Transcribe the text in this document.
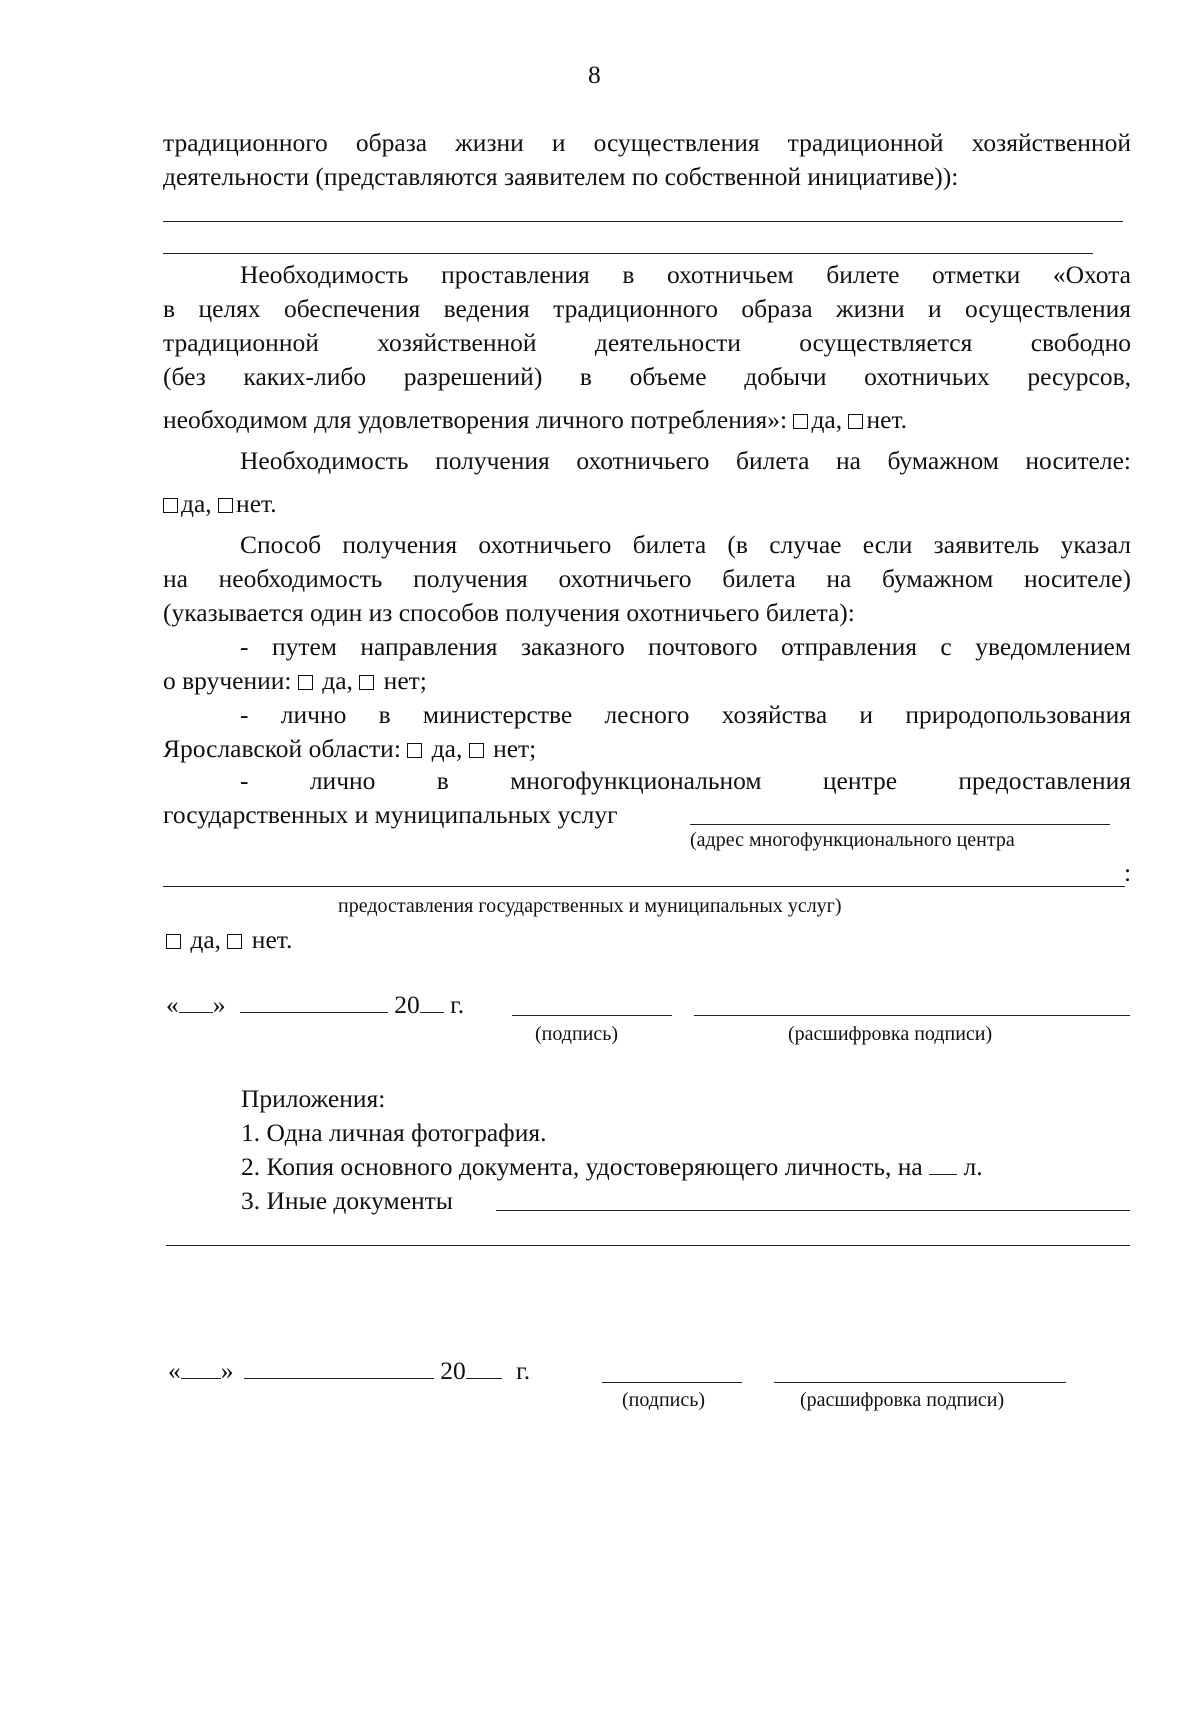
8
традиционного образа жизни и осуществления традиционной хозяйственной
деятельности (представляются заявителем по собственной инициативе)):
Необходимость проставления в охотничьем билете отметки «Охота
в целях обеспечения ведения традиционного образа жизни и осуществления
традиционной хозяйственной деятельности осуществляется свободно
(без каких-либо разрешений) в объеме добычи охотничьих ресурсов,
необходимом для удовлетворения личного потребления»: да, нет.
Необходимость получения охотничьего билета на бумажном носителе:
да, нет.
Способ получения охотничьего билета (в случае если заявитель указал
на необходимость получения охотничьего билета на бумажном носителе)
(указывается один из способов получения охотничьего билета):
- путем направления заказного почтового отправления с уведомлением
о вручении: да, нет;
- лично в министерстве лесного хозяйства и природопользования
Ярославской области: да, нет;
- лично в многофункциональном центре предоставления
государственных и муниципальных услуг
(адрес многофункционального центра
:
предоставления государственных и муниципальных услуг)
да, нет.
« »	20 г.
(подпись)	(расшифровка подписи)
Приложения:
1. Одна личная фотография.
2. Копия основного документа, удостоверяющего личность, на л.
3. Иные документы
« »	20 г.
(подпись)	(расшифровка подписи)
